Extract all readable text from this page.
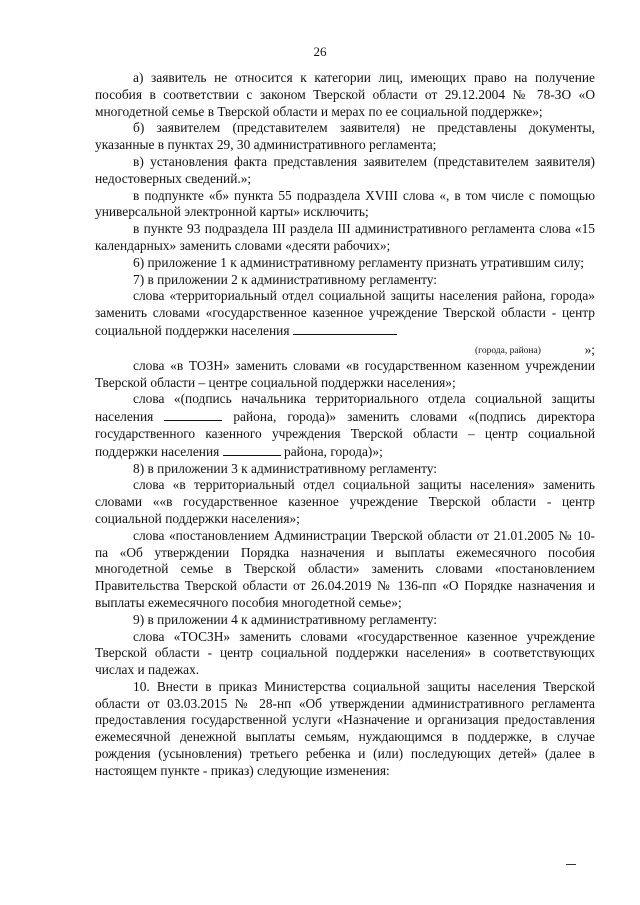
26

а) заявитель не относится к категории лиц, имеющих право на получение пособия в соответствии с законом Тверской области от 29.12.2004 № 78-ЗО «О многодетной семье в Тверской области и мерах по ее социальной поддержке»;

б) заявителем (представителем заявителя) не представлены документы, указанные в пунктах 29, 30 административного регламента;

в) установления факта представления заявителем (представителем заявителя) недостоверных сведений.»;

в подпункте «б» пункта 55 подраздела XVIII слова «, в том числе с помощью универсальной электронной карты» исключить;

в пункте 93 подраздела III раздела III административного регламента слова «15 календарных» заменить словами «десяти рабочих»;

6) приложение 1 к административному регламенту признать утратившим силу;

7) в приложении 2 к административному регламенту:

слова «территориальный отдел социальной защиты населения района, города» заменить словами «государственное казенное учреждение Тверской области - центр социальной поддержки населения

(города, района)	»;

слова «в ТОЗН» заменить словами «в государственном казенном учреждении Тверской области – центре социальной поддержки населения»;

слова «(подпись начальника территориального отдела социальной защиты населения	района, города)» заменить словами «(подпись директора государственного казенного учреждения Тверской области – центр социальной поддержки населения	района, города)»;

8) в приложении 3 к административному регламенту:

слова «в территориальный отдел социальной защиты населения» заменить словами ««в государственное казенное учреждение Тверской области - центр социальной поддержки населения»;

слова «постановлением Администрации Тверской области от 21.01.2005 № 10-па «Об утверждении Порядка назначения и выплаты ежемесячного пособия многодетной семье в Тверской области» заменить словами «постановлением Правительства Тверской области от 26.04.2019 № 136-пп «О Порядке назначения и выплаты ежемесячного пособия многодетной семье»;

9) в приложении 4 к административному регламенту:

слова «ТОСЗН» заменить словами «государственное казенное учреждение Тверской области - центр социальной поддержки населения» в соответствующих числах и падежах.

10. Внести в приказ Министерства социальной защиты населения Тверской области от 03.03.2015 № 28-нп «Об утверждении административного регламента предоставления государственной услуги «Назначение и организация предоставления ежемесячной денежной выплаты семьям, нуждающимся в поддержке, в случае рождения (усыновления) третьего ребенка и (или) последующих детей» (далее в настоящем пункте - приказ) следующие изменения:
